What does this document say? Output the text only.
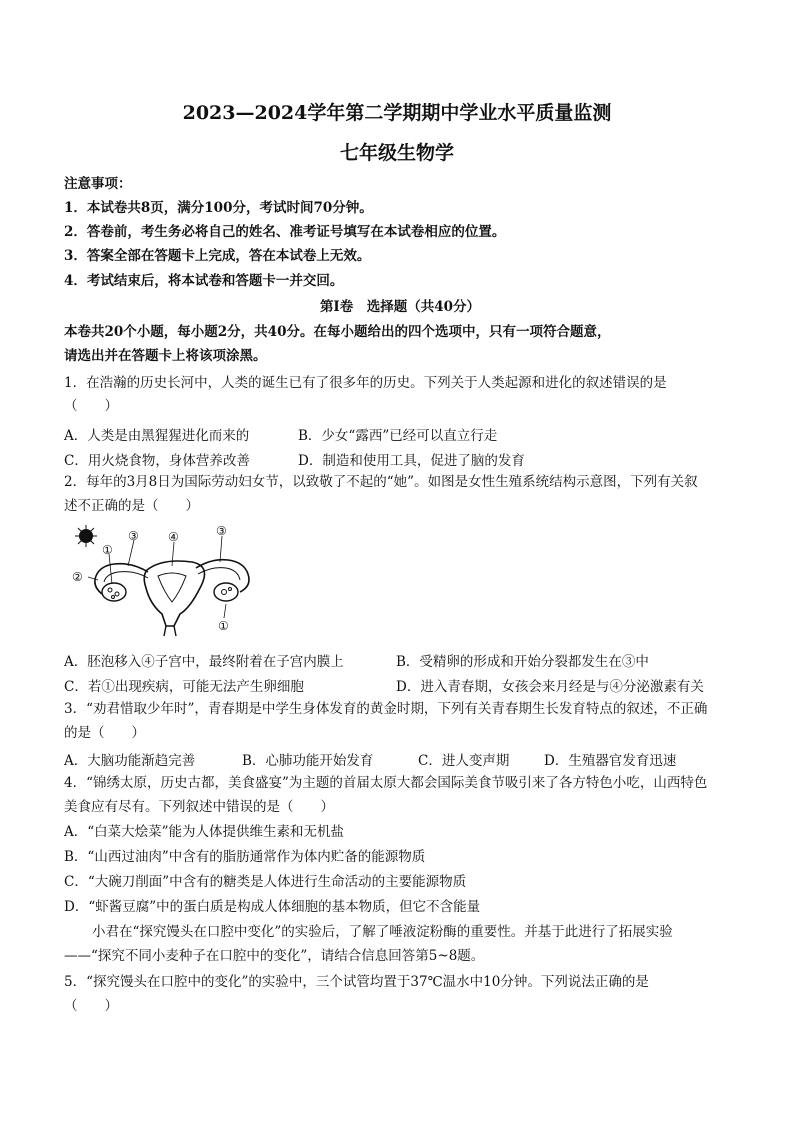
2023—2024学年第二学期期中学业水平质量监测
七年级生物学
注意事项：
1．本试卷共8页，满分100分，考试时间70分钟。
2．答卷前，考生务必将自己的姓名、准考证号填写在本试卷相应的位置。
3．答案全部在答题卡上完成，答在本试卷上无效。
4．考试结束后，将本试卷和答题卡一并交回。
第Ⅰ卷　选择题（共40分）
本卷共20个小题，每小题2分，共40分。在每小题给出的四个选项中，只有一项符合题意，
请选出并在答题卡上将该项涂黑。
1．在浩瀚的历史长河中，人类的诞生已有了很多年的历史。下列关于人类起源和进化的叙述错误的是
（　　）
A．人类是由黑猩猩进化而来的	B．少女“露西”已经可以直立行走
C．用火烧食物，身体营养改善	D．制造和使用工具，促进了脑的发育
2．每年的3月8日为国际劳动妇女节，以致敬了不起的“她”。如图是女性生殖系统结构示意图，下列有关叙
述不正确的是（　　）
①
②
③ ④	③
①
A．胚泡移入④子宫中，最终附着在子宫内膜上	B．受精卵的形成和开始分裂都发生在③中
C．若①出现疾病，可能无法产生卵细胞	D．进入青春期，女孩会来月经是与④分泌激素有关
3．“劝君惜取少年时”，青春期是中学生身体发育的黄金时期，下列有关青春期生长发育特点的叙述，不正确
的是（　　）
A．大脑功能渐趋完善	B．心肺功能开始发育	C．进人变声期	D．生殖器官发育迅速
4．“锦绣太原，历史古都，美食盛宴”为主题的首届太原大都会国际美食节吸引来了各方特色小吃，山西特色
美食应有尽有。下列叙述中错误的是（　　）
A．“白菜大烩菜”能为人体提供维生素和无机盐
B．“山西过油肉”中含有的脂肪通常作为体内贮备的能源物质
C．“大碗刀削面”中含有的糖类是人体进行生命活动的主要能源物质
D．“虾酱豆腐”中的蛋白质是构成人体细胞的基本物质，但它不含能量
小君在“探究馒头在口腔中变化”的实验后，了解了唾液淀粉酶的重要性。并基于此进行了拓展实验
——“探究不同小麦种子在口腔中的变化”，请结合信息回答第5~8题。
5．“探究馒头在口腔中的变化”的实验中，三个试管均置于37℃温水中10分钟。下列说法正确的是
（　　）
